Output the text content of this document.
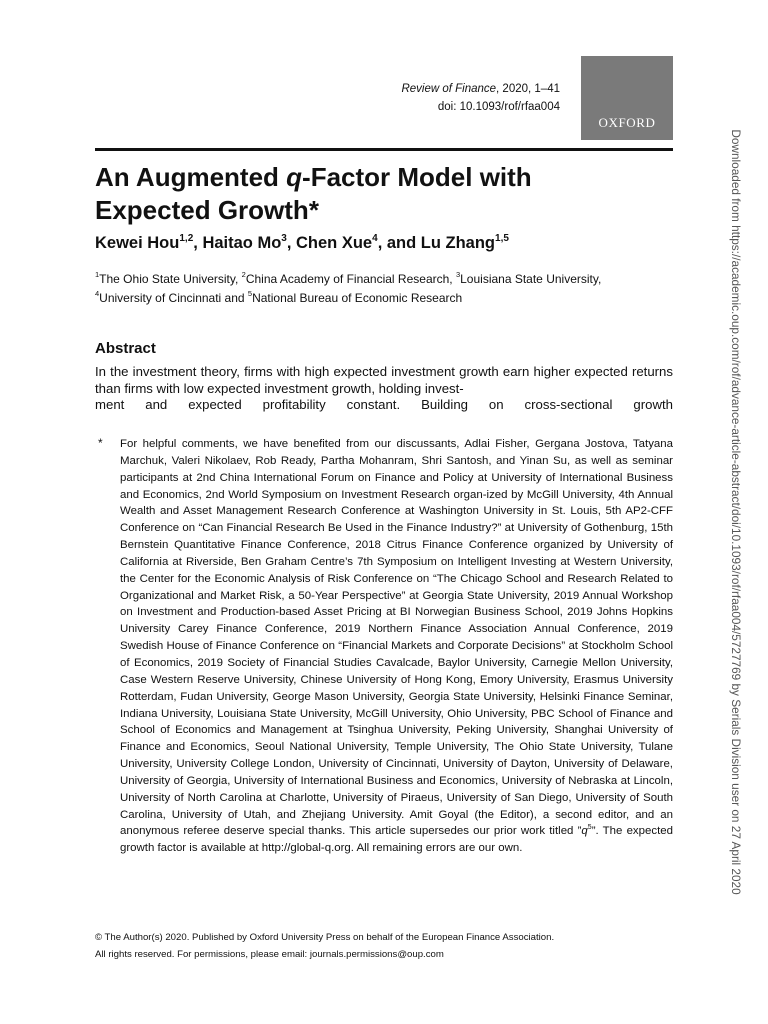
Review of Finance, 2020, 1–41
doi: 10.1093/rof/rfaa004
OXFORD
An Augmented q-Factor Model with
Expected Growth*
Kewei Hou$^{1,2}$, Haitao Mo$^3$, Chen Xue$^4$, and Lu Zhang$^{1,5}$
$^1$The Ohio State University, $^2$China Academy of Financial Research, $^3$Louisiana State University,
$^4$University of Cincinnati and $^5$National Bureau of Economic Research
Abstract
In the investment theory, firms with high expected investment growth earn higher expected returns than firms with low expected investment growth, holding invest-
ment and expected profitability constant. Building on cross-sectional growth
* For helpful comments, we have benefited from our discussants, Adlai Fisher, Gergana Jostova, Tatyana Marchuk, Valeri Nikolaev, Rob Ready, Partha Mohanram, Shri Santosh, and Yinan Su, as well as seminar participants at 2nd China International Forum on Finance and Policy at University of International Business and Economics, 2nd World Symposium on Investment Research organ-ized by McGill University, 4th Annual Wealth and Asset Management Research Conference at Washington University in St. Louis, 5th AP2-CFF Conference on “Can Financial Research Be Used in the Finance Industry?” at University of Gothenburg, 15th Bernstein Quantitative Finance Conference, 2018 Citrus Finance Conference organized by University of California at Riverside, Ben Graham Centre’s 7th Symposium on Intelligent Investing at Western University, the Center for the Economic Analysis of Risk Conference on “The Chicago School and Research Related to Organizational and Market Risk, a 50-Year Perspective” at Georgia State University, 2019 Annual Workshop on Investment and Production-based Asset Pricing at BI Norwegian Business School, 2019 Johns Hopkins University Carey Finance Conference, 2019 Northern Finance Association Annual Conference, 2019 Swedish House of Finance Conference on “Financial Markets and Corporate Decisions” at Stockholm School of Economics, 2019 Society of Financial Studies Cavalcade, Baylor University, Carnegie Mellon University, Case Western Reserve University, Chinese University of Hong Kong, Emory University, Erasmus University Rotterdam, Fudan University, George Mason University, Georgia State University, Helsinki Finance Seminar, Indiana University, Louisiana State University, McGill University, Ohio University, PBC School of Finance and School of Economics and Management at Tsinghua University, Peking University, Shanghai University of Finance and Economics, Seoul National University, Temple University, The Ohio State University, Tulane University, University College London, University of Cincinnati, University of Dayton, University of Delaware, University of Georgia, University of International Business and Economics, University of Nebraska at Lincoln, University of North Carolina at Charlotte, University of Piraeus, University of San Diego, University of South Carolina, University of Utah, and Zhejiang University. Amit Goyal (the Editor), a second editor, and an anonymous referee deserve special thanks. This article supersedes our prior work titled $”q^5$”. The expected growth factor is available at http://global-q.org. All remaining errors are our own.
© The Author(s) 2020. Published by Oxford University Press on behalf of the European Finance Association.
All rights reserved. For permissions, please email: journals.permissions@oup.com
Downloaded from https://academic.oup.com/rof/advance-article-abstract/doi/10.1093/rof/rfaa004/5727769 by Serials Division user on 27 April 2020
